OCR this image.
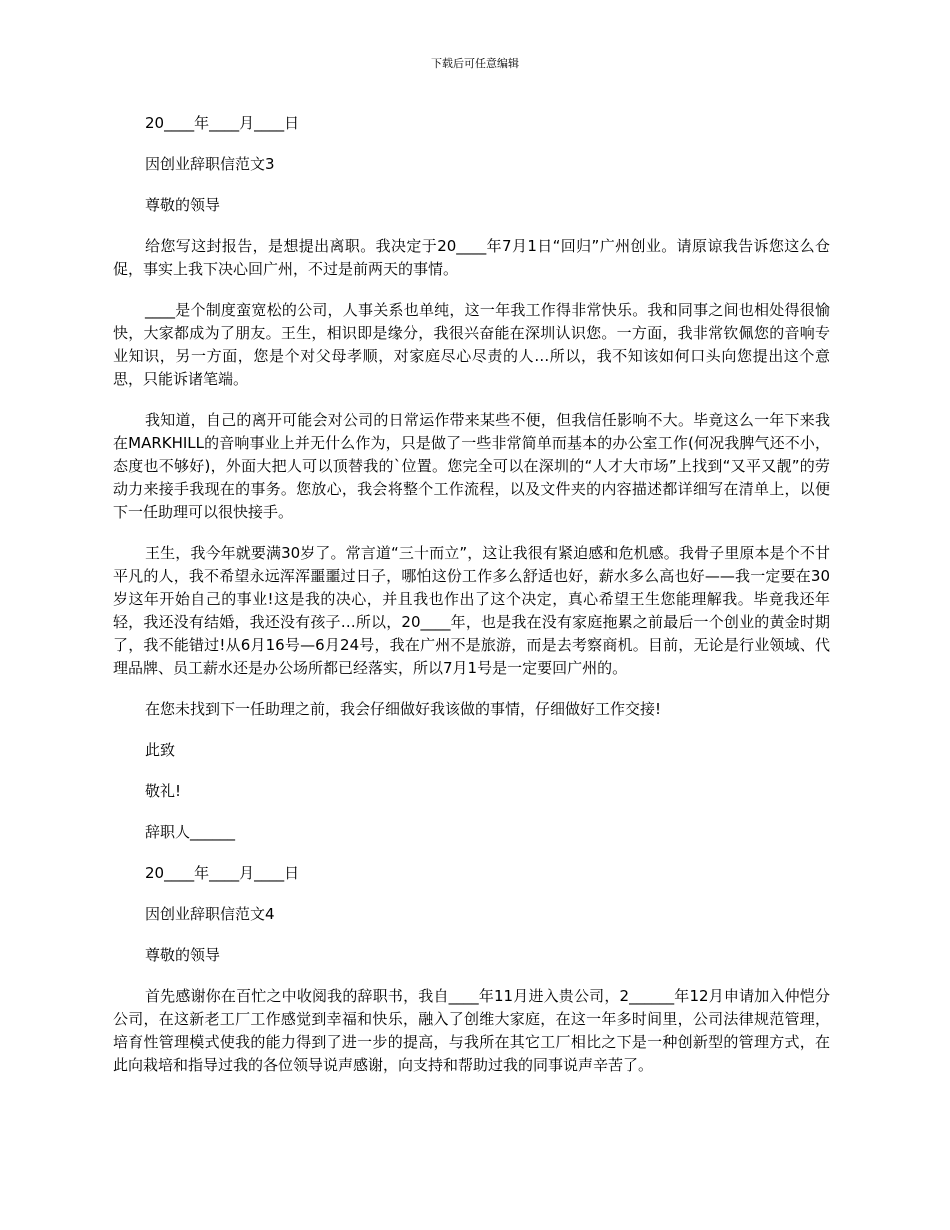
下载后可任意编辑
20____年____月____日
因创业辞职信范文3
尊敬的领导
给您写这封报告，是想提出离职。我决定于20____年7月1日“回归”广州创业。请原谅我告诉您这么仓促，事实上我下决心回广州，不过是前两天的事情。
____是个制度蛮宽松的公司，人事关系也单纯，这一年我工作得非常快乐。我和同事之间也相处得很愉快，大家都成为了朋友。王生，相识即是缘分，我很兴奋能在深圳认识您。一方面，我非常钦佩您的音响专业知识，另一方面，您是个对父母孝顺，对家庭尽心尽责的人…所以，我不知该如何口头向您提出这个意思，只能诉诸笔端。
我知道，自己的离开可能会对公司的日常运作带来某些不便，但我信任影响不大。毕竟这么一年下来我在MARKHILL的音响事业上并无什么作为，只是做了一些非常简单而基本的办公室工作(何况我脾气还不小，态度也不够好)，外面大把人可以顶替我的`位置。您完全可以在深圳的“人才大市场”上找到“又平又靓”的劳动力来接手我现在的事务。您放心，我会将整个工作流程，以及文件夹的内容描述都详细写在清单上，以便下一任助理可以很快接手。
王生，我今年就要满30岁了。常言道“三十而立”，这让我很有紧迫感和危机感。我骨子里原本是个不甘平凡的人，我不希望永远浑浑噩噩过日子，哪怕这份工作多么舒适也好，薪水多么高也好——我一定要在30岁这年开始自己的事业!这是我的决心，并且我也作出了这个决定，真心希望王生您能理解我。毕竟我还年轻，我还没有结婚，我还没有孩子…所以，20____年，也是我在没有家庭拖累之前最后一个创业的黄金时期了，我不能错过!从6月16号—6月24号，我在广州不是旅游，而是去考察商机。目前，无论是行业领域、代理品牌、员工薪水还是办公场所都已经落实，所以7月1号是一定要回广州的。
在您未找到下一任助理之前，我会仔细做好我该做的事情，仔细做好工作交接!
此致
敬礼!
辞职人______
20____年____月____日
因创业辞职信范文4
尊敬的领导
首先感谢你在百忙之中收阅我的辞职书，我自____年11月进入贵公司，2______年12月申请加入仲恺分公司，在这新老工厂工作感觉到幸福和快乐，融入了创维大家庭，在这一年多时间里，公司法律规范管理，培育性管理模式使我的能力得到了进一步的提高，与我所在其它工厂相比之下是一种创新型的管理方式，在此向栽培和指导过我的各位领导说声感谢，向支持和帮助过我的同事说声辛苦了。
